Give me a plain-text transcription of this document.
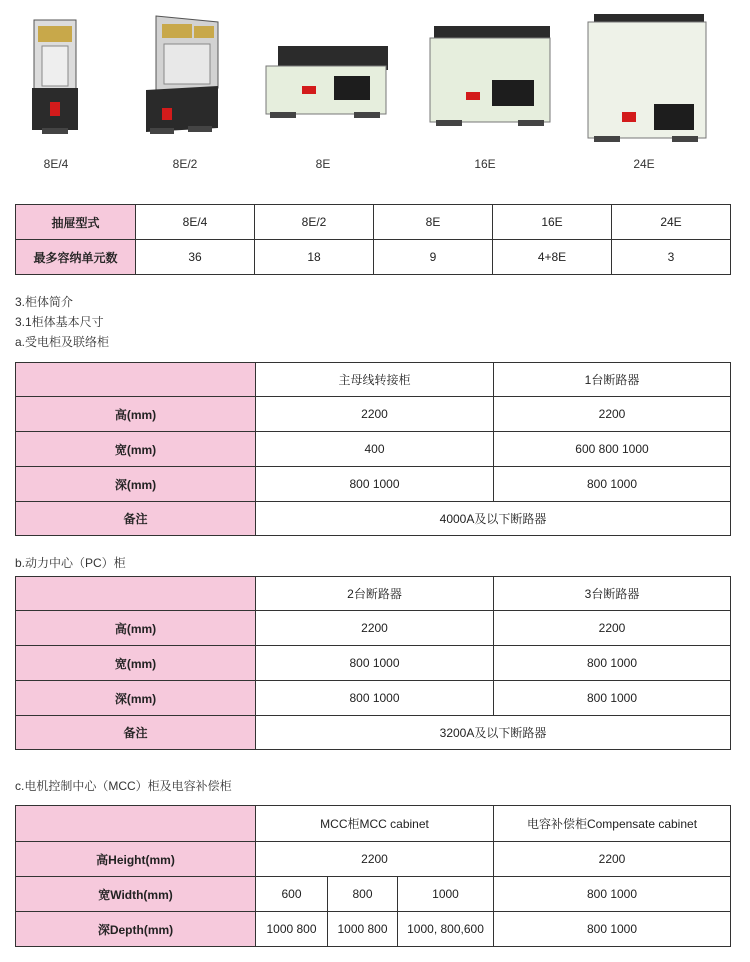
8E/4	8E/2	8E	16E	24E
抽屉型式	8E/4	8E/2	8E	16E	24E
最多容纳单元数	36	18	9	4+8E	3
3.柜体简介
3.1柜体基本尺寸
a.受电柜及联络柜
	主母线转接柜	1台断路器
高(mm)	2200	2200
宽(mm)	400	600 800 1000
深(mm)	800 1000	800 1000
备注	4000A及以下断路器	
b.动力中心（PC）柜
	2台断路器	3台断路器
高(mm)	2200	2200
宽(mm)	800 1000	800 1000
深(mm)	800 1000	800 1000
备注	3200A及以下断路器	
c.电机控制中心（MCC）柜及电容补偿柜
	MCC柜MCC cabinet			电容补偿柜Compensate cabinet
高Height(mm)	2200			2200
宽Width(mm)	600	800	1000	800 1000
深Depth(mm)	1000 800	1000 800	1000, 800,600	800 1000
